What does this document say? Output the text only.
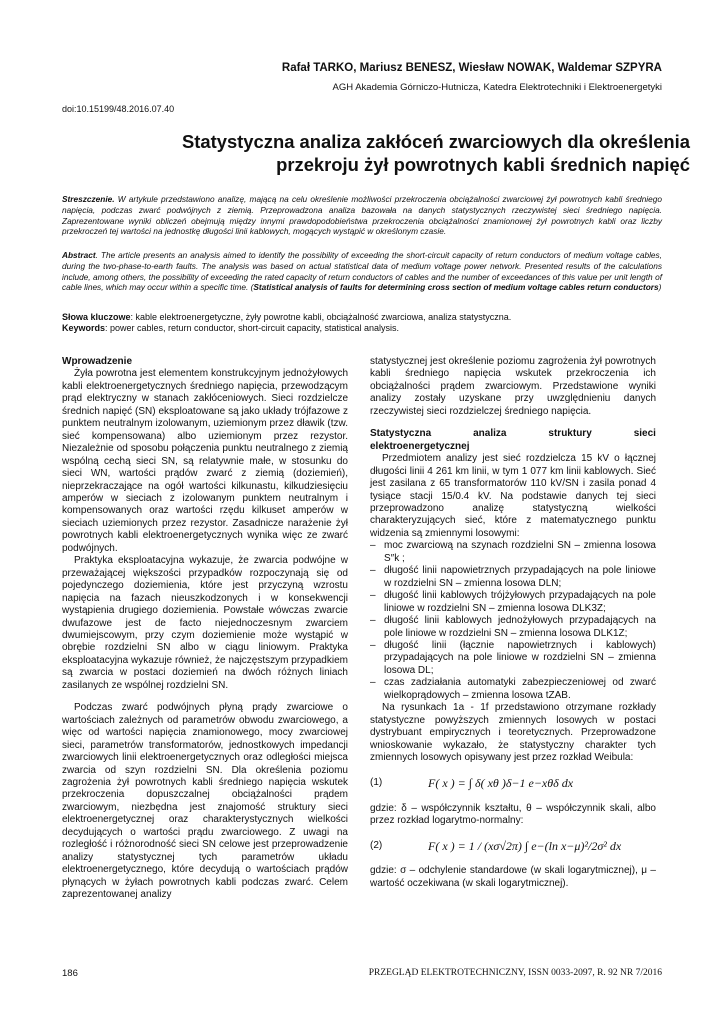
Rafał TARKO, Mariusz BENESZ, Wiesław NOWAK, Waldemar SZPYRA
AGH Akademia Górniczo-Hutnicza, Katedra Elektrotechniki i Elektroenergetyki
doi:10.15199/48.2016.07.40
Statystyczna analiza zakłóceń zwarciowych dla określenia
przekroju żył powrotnych kabli średnich napięć
Streszczenie. W artykule przedstawiono analizę, mającą na celu określenie możliwości przekroczenia obciążalności zwarciowej żył powrotnych kabli średniego napięcia, podczas zwarć podwójnych z ziemią. Przeprowadzona analiza bazowała na danych statystycznych rzeczywistej sieci średniego napięcia. Zaprezentowane wyniki obliczeń obejmują między innymi prawdopodobieństwa przekroczenia obciążalności znamionowej żył powrotnych kabli oraz liczby przekroczeń tej wartości na jednostkę długości linii kablowych, mogących wystąpić w określonym czasie.
Abstract. The article presents an analysis aimed to identify the possibility of exceeding the short-circuit capacity of return conductors of medium voltage cables, during the two-phase-to-earth faults. The analysis was based on actual statistical data of medium voltage power network. Presented results of the calculations include, among others, the possibility of exceeding the rated capacity of return conductors of cables and the number of exceedances of this value per unit length of cable lines, which may occur within a specific time. (Statistical analysis of faults for determining cross section of medium voltage cables return conductors)
Słowa kluczowe: kable elektroenergetyczne, żyły powrotne kabli, obciążalność zwarciowa, analiza statystyczna.
Keywords: power cables, return conductor, short-circuit capacity, statistical analysis.
Wprowadzenie
Żyła powrotna jest elementem konstrukcyjnym jednożyłowych kabli elektroenergetycznych średniego napięcia, przewodzącym prąd elektryczny w stanach zakłóceniowych. Sieci rozdzielcze średnich napięć (SN) eksploatowane są jako układy trójfazowe z punktem neutralnym izolowanym, uziemionym przez dławik (tzw. sieć kompensowana) albo uziemionym przez rezystor. Niezależnie od sposobu połączenia punktu neutralnego z ziemią wspólną cechą sieci SN, są relatywnie małe, w stosunku do sieci WN, wartości prądów zwarć z ziemią (doziemień), nieprzekraczające na ogół wartości kilkunastu, kilkudziesięciu amperów w sieciach z izolowanym punktem neutralnym i kompensowanych oraz wartości rzędu kilkuset amperów w sieciach uziemionych przez rezystor. Zasadnicze narażenie żył powrotnych kabli elektroenergetycznych wynika więc ze zwarć podwójnych.
Praktyka eksploatacyjna wykazuje, że zwarcia podwójne w przeważającej większości przypadków rozpoczynają się od pojedynczego doziemienia, które jest przyczyną wzrostu napięcia na fazach nieuszkodzonych i w konsekwencji wystąpienia drugiego doziemienia. Powstałe wówczas zwarcie dwufazowe jest de facto niejednoczesnym zwarciem dwumiejscowym, przy czym doziemienie może wystąpić w obrębie rozdzielni SN albo w ciągu liniowym. Praktyka eksploatacyjna wykazuje również, że najczęstszym przypadkiem są zwarcia w postaci doziemień na dwóch różnych liniach zasilanych ze wspólnej rozdzielni SN.
Podczas zwarć podwójnych płyną prądy zwarciowe o wartościach zależnych od parametrów obwodu zwarciowego, a więc od wartości napięcia znamionowego, mocy zwarciowej sieci, parametrów transformatorów, jednostkowych impedancji zwarciowych linii elektroenergetycznych oraz odległości miejsca zwarcia od szyn rozdzielni SN. Dla określenia poziomu zagrożenia żył powrotnych kabli średniego napięcia wskutek przekroczenia dopuszczalnej obciążalności prądem zwarciowym, niezbędna jest znajomość struktury sieci elektroenergetycznej oraz charakterystycznych wielkości decydujących o wartości prądu zwarciowego. Z uwagi na rozległość i różnorodność sieci SN celowe jest przeprowadzenie analizy statystycznej tych parametrów układu elektroenergetycznego, które decydują o wartościach prądów płynących w żyłach powrotnych kabli podczas zwarć. Celem zaprezentowanej analizy
statystycznej jest określenie poziomu zagrożenia żył powrotnych kabli średniego napięcia wskutek przekroczenia ich obciążalności prądem zwarciowym. Przedstawione wyniki analizy zostały uzyskane przy uwzględnieniu danych rzeczywistej sieci rozdzielczej średniego napięcia.
Statystyczna	analiza	struktury	sieci
elektroenergetycznej
Przedmiotem analizy jest sieć rozdzielcza 15 kV o łącznej długości linii 4 261 km linii, w tym 1 077 km linii kablowych. Sieć jest zasilana z 65 transformatorów 110 kV/SN i zasila ponad 4 tysiące stacji 15/0.4 kV. Na podstawie danych tej sieci przeprowadzono analizę statystyczną wielkości charakteryzujących sieć, które z matematycznego punktu widzenia są zmiennymi losowymi:
– moc zwarciową na szynach rozdzielni SN – zmienna losowa S″k ;
– długość linii napowietrznych przypadających na pole liniowe w rozdzielni SN – zmienna losowa DLN;
– długość linii kablowych trójżyłowych przypadających na pole liniowe w rozdzielni SN – zmienna losowa DLK3Z;
– długość linii kablowych jednożyłowych przypadających na pole liniowe w rozdzielni SN – zmienna losowa DLK1Z;
– długość linii (łącznie napowietrznych i kablowych) przypadających na pole liniowe w rozdzielni SN – zmienna losowa DL;
– czas zadziałania automatyki zabezpieczeniowej od zwarć wielkoprądowych – zmienna losowa tZAB.
Na rysunkach 1a - 1f przedstawiono otrzymane rozkłady statystyczne powyższych zmiennych losowych w postaci dystrybuant empirycznych i teoretycznych. Przeprowadzone wnioskowanie wykazało, że statystyczny charakter tych zmiennych losowych opisywany jest przez rozkład Weibula:
(1)	F( x ) = ∫ δ( xθ )δ−1 e−xθδ dx
gdzie: δ – współczynnik kształtu, θ – współczynnik skali, albo przez rozkład logarytmo-normalny:
(2)	F( x ) = 1 / (xσ√2π) ∫ e−(ln x−μ)²/2σ² dx
gdzie: σ – odchylenie standardowe (w skali logarytmicznej), μ – wartość oczekiwana (w skali logarytmicznej).
186	PRZEGLĄD ELEKTROTECHNICZNY, ISSN 0033-2097, R. 92 NR 7/2016
